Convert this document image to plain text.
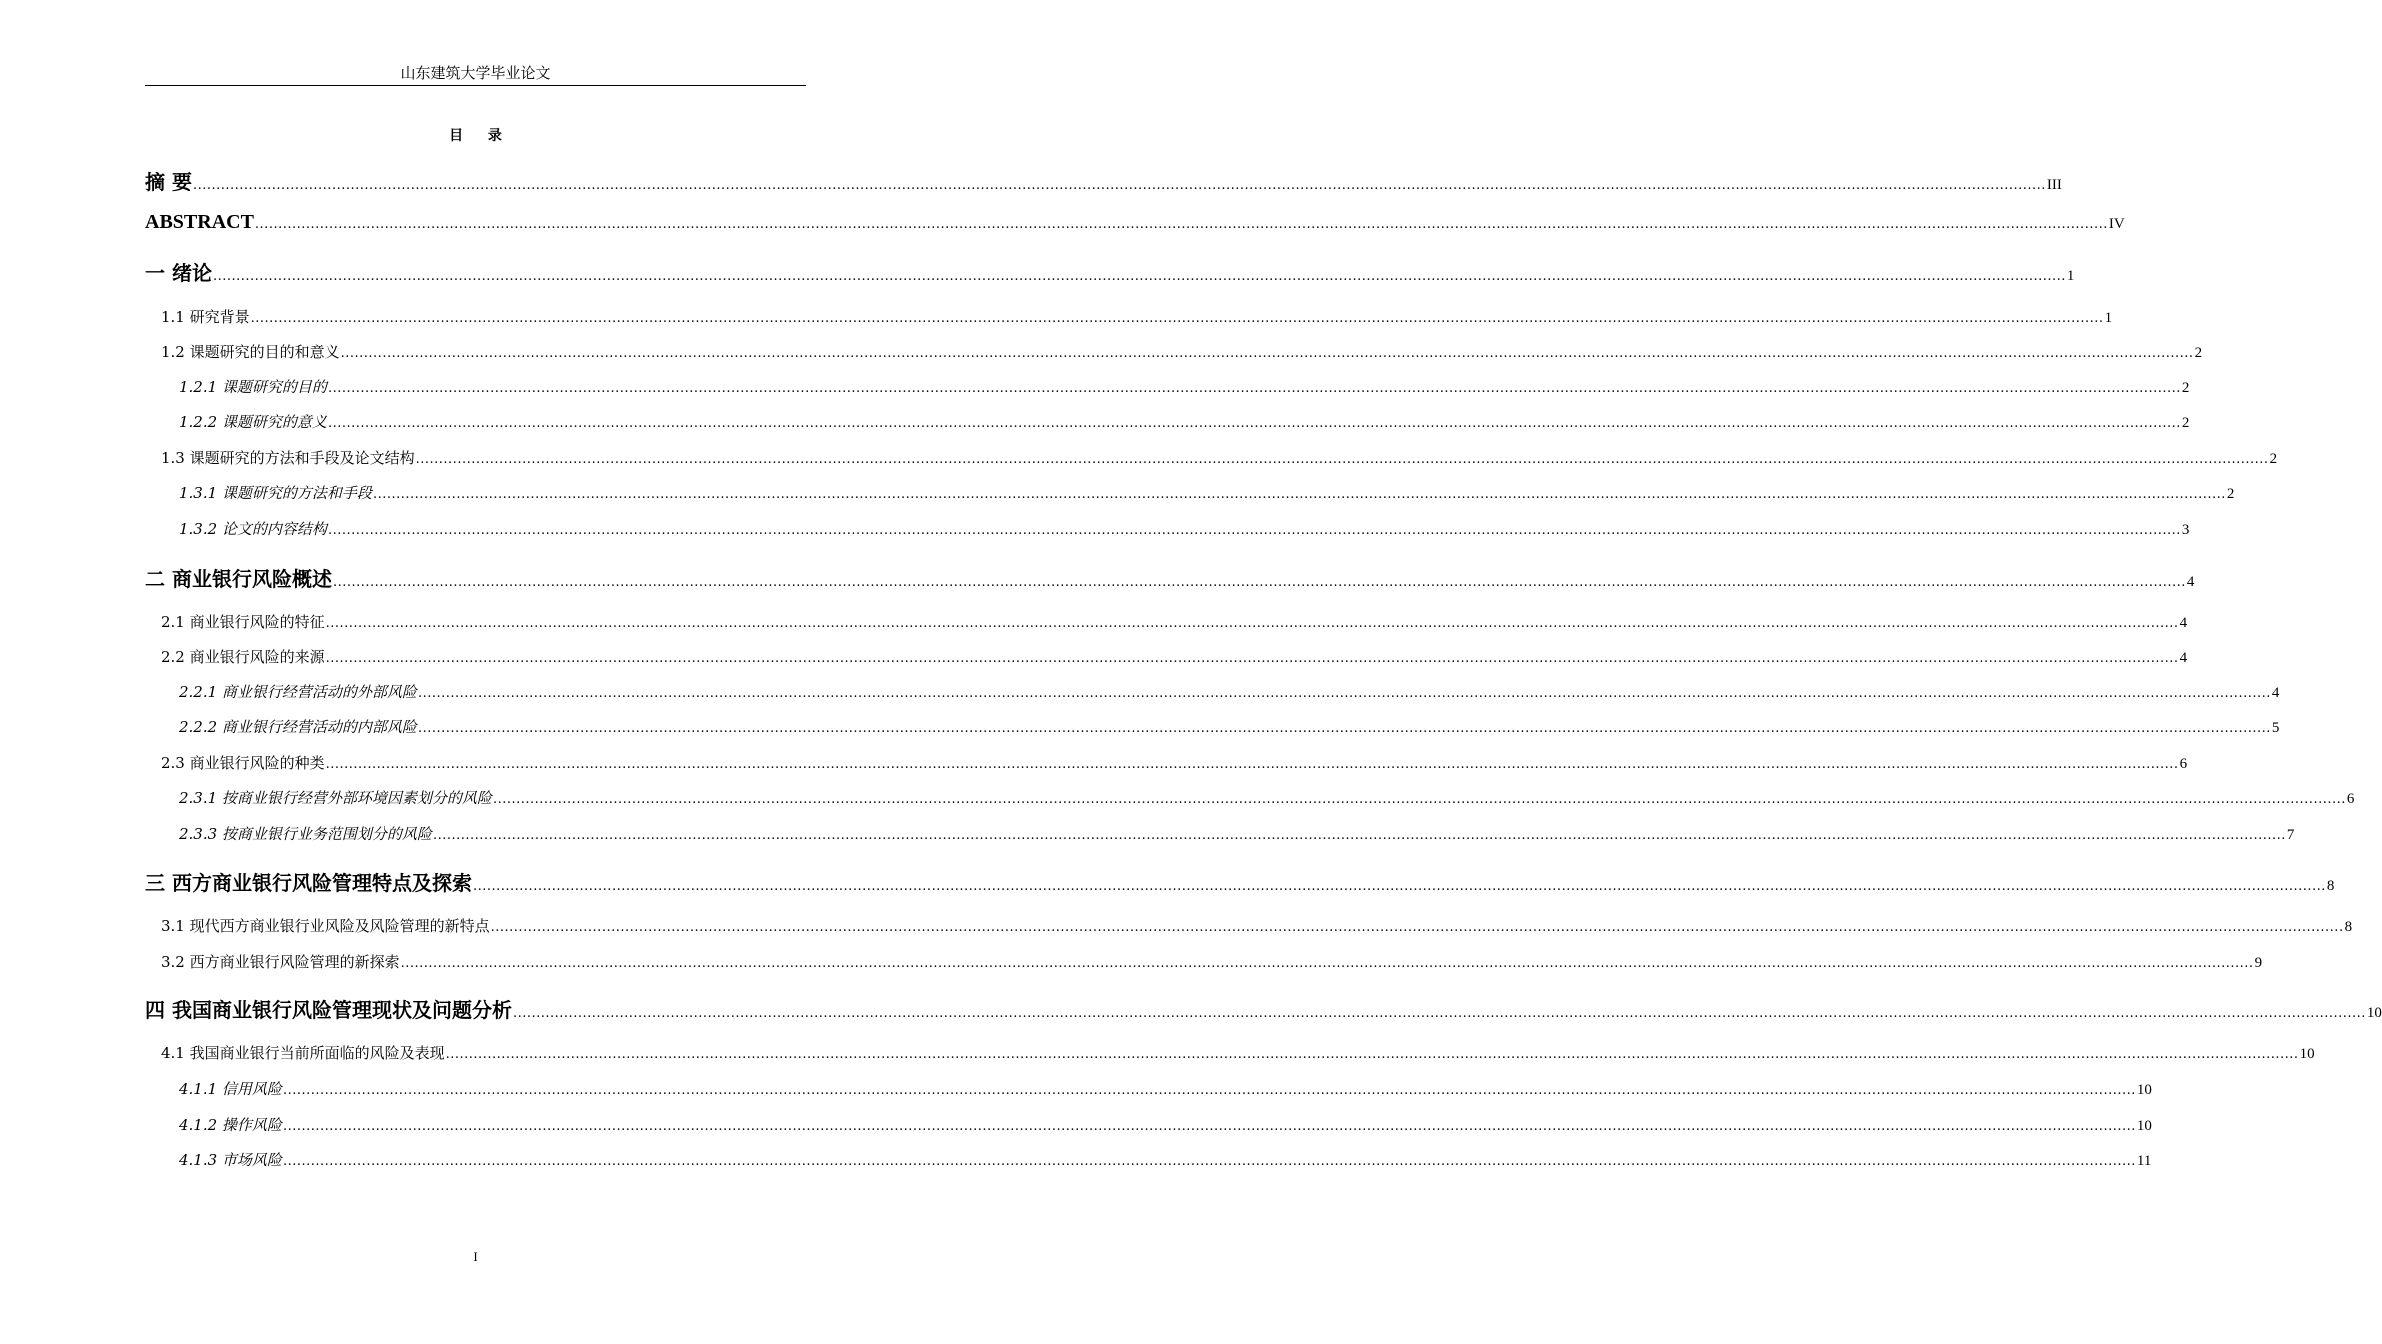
山东建筑大学毕业论文
目 录
摘 要 ................................................................................................................................................................................................................................................................................................................................................................................................................ III
ABSTRACT ................................................................................................................................................................................................................................................................................................................................................................................................................ IV
一 绪论 ................................................................................................................................................................................................................................................................................................................................................................................................................ 1
1.1 研究背景 ................................................................................................................................................................................................................................................................................................................................................................................................................ 1
1.2 课题研究的目的和意义 ................................................................................................................................................................................................................................................................................................................................................................................................................ 2
1.2.1 课题研究的目的 ................................................................................................................................................................................................................................................................................................................................................................................................................ 2
1.2.2 课题研究的意义 ................................................................................................................................................................................................................................................................................................................................................................................................................ 2
1.3 课题研究的方法和手段及论文结构 ................................................................................................................................................................................................................................................................................................................................................................................................................ 2
1.3.1 课题研究的方法和手段 ................................................................................................................................................................................................................................................................................................................................................................................................................ 2
1.3.2 论文的内容结构 ................................................................................................................................................................................................................................................................................................................................................................................................................ 3
二 商业银行风险概述 ................................................................................................................................................................................................................................................................................................................................................................................................................ 4
2.1 商业银行风险的特征 ................................................................................................................................................................................................................................................................................................................................................................................................................ 4
2.2 商业银行风险的来源 ................................................................................................................................................................................................................................................................................................................................................................................................................ 4
2.2.1 商业银行经营活动的外部风险 ................................................................................................................................................................................................................................................................................................................................................................................................................ 4
2.2.2 商业银行经营活动的内部风险 ................................................................................................................................................................................................................................................................................................................................................................................................................ 5
2.3 商业银行风险的种类 ................................................................................................................................................................................................................................................................................................................................................................................................................ 6
2.3.1 按商业银行经营外部环境因素划分的风险 ................................................................................................................................................................................................................................................................................................................................................................................................................ 6
2.3.3 按商业银行业务范围划分的风险 ................................................................................................................................................................................................................................................................................................................................................................................................................ 7
三 西方商业银行风险管理特点及探索 ................................................................................................................................................................................................................................................................................................................................................................................................................ 8
3.1 现代西方商业银行业风险及风险管理的新特点 ................................................................................................................................................................................................................................................................................................................................................................................................................ 8
3.2 西方商业银行风险管理的新探索 ................................................................................................................................................................................................................................................................................................................................................................................................................ 9
四 我国商业银行风险管理现状及问题分析 ................................................................................................................................................................................................................................................................................................................................................................................................................ 10
4.1 我国商业银行当前所面临的风险及表现 ................................................................................................................................................................................................................................................................................................................................................................................................................ 10
4.1.1 信用风险 ................................................................................................................................................................................................................................................................................................................................................................................................................ 10
4.1.2 操作风险 ................................................................................................................................................................................................................................................................................................................................................................................................................ 10
4.1.3 市场风险 ................................................................................................................................................................................................................................................................................................................................................................................................................ 11
I
